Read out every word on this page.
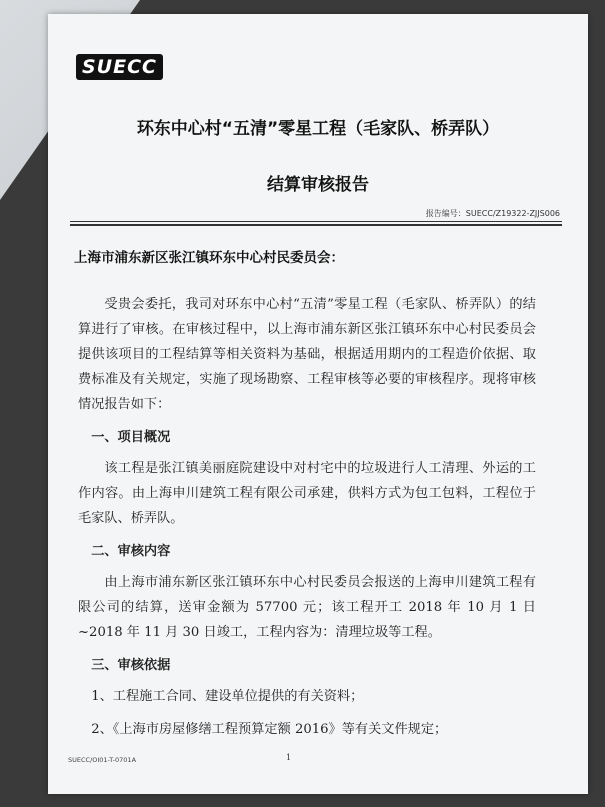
SUECC
环东中心村“五清”零星工程（毛家队、桥弄队）
结算审核报告
报告编号：SUECC/Z19322-ZJJS006
上海市浦东新区张江镇环东中心村民委员会：

受贵会委托，我司对环东中心村“五清”零星工程（毛家队、桥弄队）的结算进行了审核。在审核过程中，以上海市浦东新区张江镇环东中心村民委员会提供该项目的工程结算等相关资料为基础，根据适用期内的工程造价依据、取费标准及有关规定，实施了现场勘察、工程审核等必要的审核程序。现将审核情况报告如下：

一、项目概况

该工程是张江镇美丽庭院建设中对村宅中的垃圾进行人工清理、外运的工作内容。由上海申川建筑工程有限公司承建，供料方式为包工包料，工程位于毛家队、桥弄队。

二、审核内容

由上海市浦东新区张江镇环东中心村民委员会报送的上海申川建筑工程有限公司的结算，送审金额为 57700 元；该工程开工 2018 年 10 月 1 日~2018 年 11 月 30 日竣工，工程内容为：清理垃圾等工程。

三、审核依据
1、工程施工合同、建设单位提供的有关资料；
2、《上海市房屋修缮工程预算定额 2016》等有关文件规定；
SUECC/OI01-T-0701A	1
